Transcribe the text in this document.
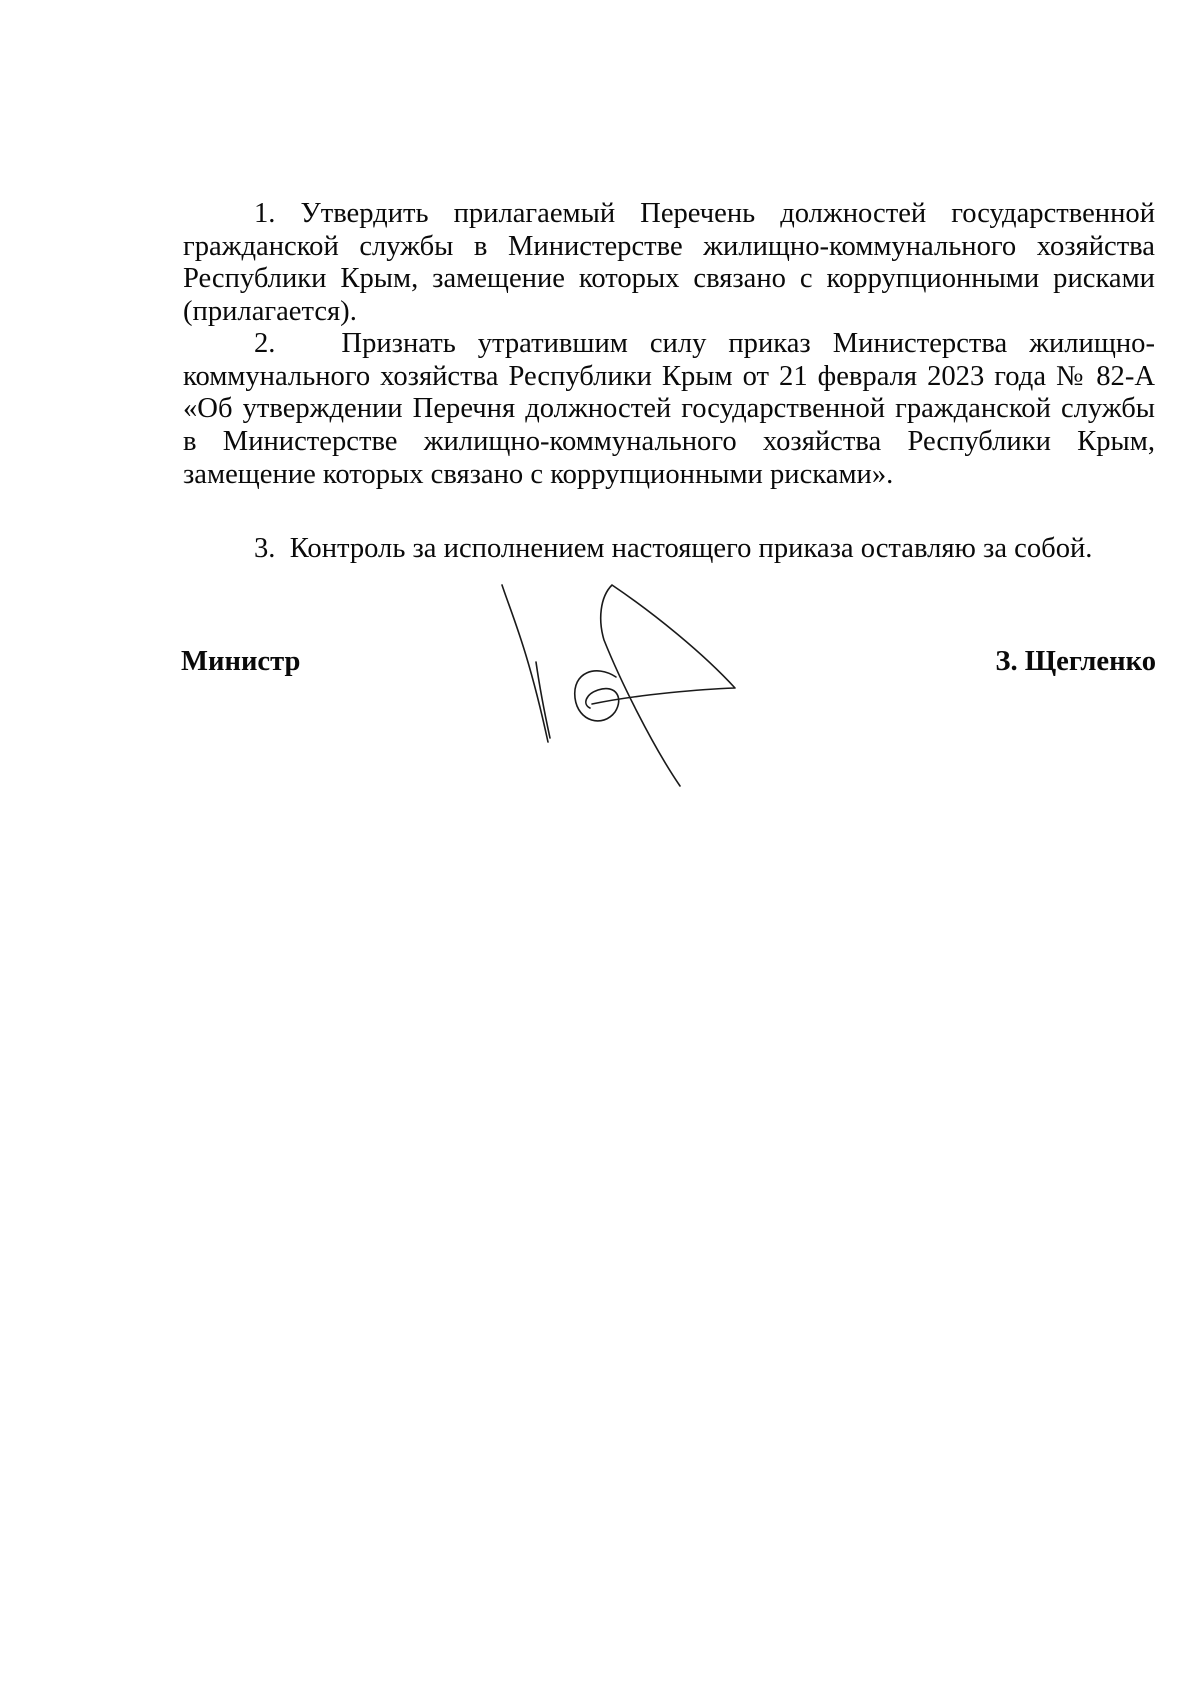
1. Утвердить прилагаемый Перечень должностей государственной гражданской службы в Министерстве жилищно-коммунального хозяйства Республики Крым, замещение которых связано с коррупционными рисками (прилагается).

2. Признать утратившим силу приказ Министерства жилищно-коммунального хозяйства Республики Крым от 21 февраля 2023 года № 82-А «Об утверждении Перечня должностей государственной гражданской службы в Министерстве жилищно-коммунального хозяйства Республики Крым, замещение которых связано с коррупционными рисками».

3. Контроль за исполнением настоящего приказа оставляю за собой.

Министр	З. Щегленко
